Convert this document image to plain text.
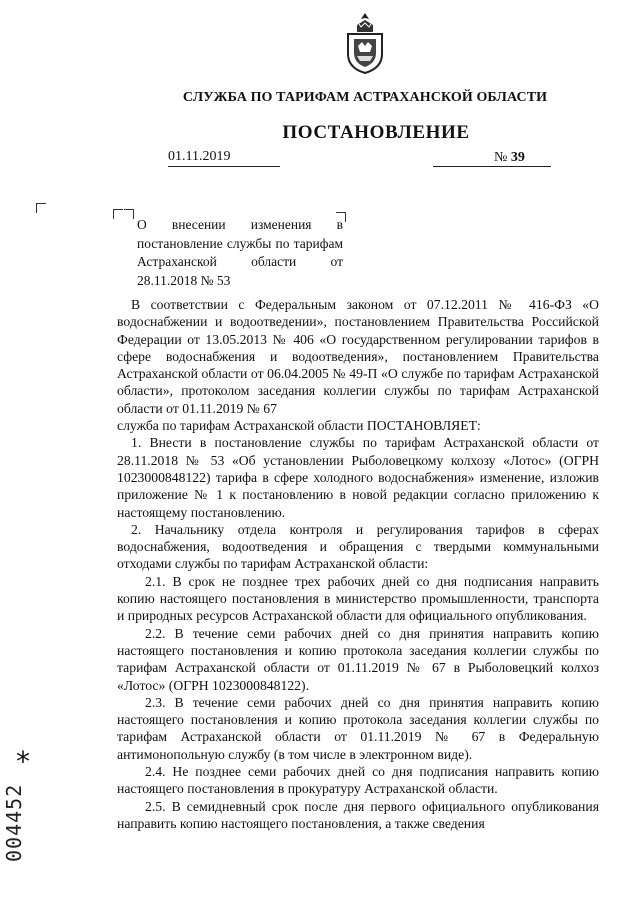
СЛУЖБА ПО ТАРИФАМ АСТРАХАНСКОЙ ОБЛАСТИ
ПОСТАНОВЛЕНИЕ
01.11.2019	№ 39
О внесении изменения в постановление службы по тарифам Астраханской области от 28.11.2018 № 53

В соответствии с Федеральным законом от 07.12.2011 № 416-ФЗ «О водоснабжении и водоотведении», постановлением Правительства Российской Федерации от 13.05.2013 № 406 «О государственном регулировании тарифов в сфере водоснабжения и водоотведения», постановлением Правительства Астраханской области от 06.04.2005 № 49-П «О службе по тарифам Астраханской области», протоколом заседания коллегии службы по тарифам Астраханской области от 01.11.2019 № 67

служба по тарифам Астраханской области ПОСТАНОВЛЯЕТ:

1. Внести в постановление службы по тарифам Астраханской области от 28.11.2018 № 53 «Об установлении Рыболовецкому колхозу «Лотос» (ОГРН 1023000848122) тарифа в сфере холодного водоснабжения» изменение, изложив приложение № 1 к постановлению в новой редакции согласно приложению к настоящему постановлению.

2. Начальнику отдела контроля и регулирования тарифов в сферах водоснабжения, водоотведения и обращения с твердыми коммунальными отходами службы по тарифам Астраханской области:

2.1. В срок не позднее трех рабочих дней со дня подписания направить копию настоящего постановления в министерство промышленности, транспорта и природных ресурсов Астраханской области для официального опубликования.

2.2. В течение семи рабочих дней со дня принятия направить копию настоящего постановления и копию протокола заседания коллегии службы по тарифам Астраханской области от 01.11.2019 № 67 в Рыболовецкий колхоз «Лотос» (ОГРН 1023000848122).

2.3. В течение семи рабочих дней со дня принятия направить копию настоящего постановления и копию протокола заседания коллегии службы по тарифам Астраханской области от 01.11.2019 № 67 в Федеральную антимонопольную службу (в том числе в электронном виде).

2.4. Не позднее семи рабочих дней со дня подписания направить копию настоящего постановления в прокуратуру Астраханской области.

2.5. В семидневный срок после дня первого официального опубликования направить копию настоящего постановления, а также сведения

*
004452
